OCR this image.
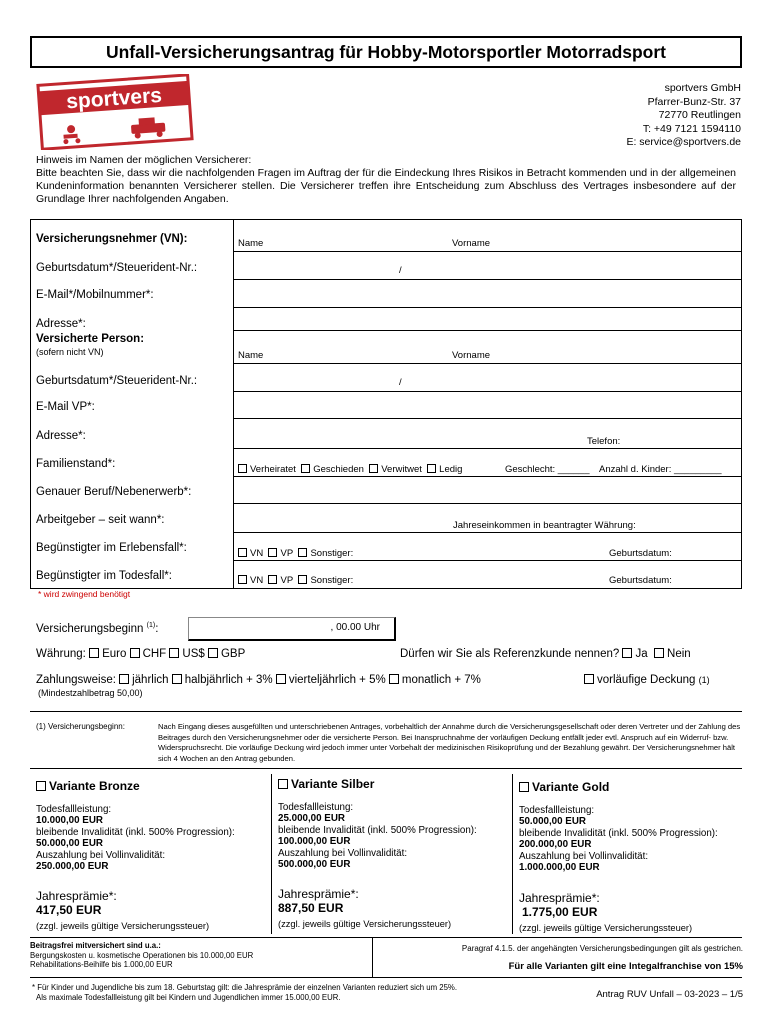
Unfall-Versicherungsantrag für Hobby-Motorsportler Motorradsport
sportvers	sportvers GmbH
Pfarrer-Bunz-Str. 37
72770 Reutlingen
T: +49 7121 1594110
E: service@sportvers.de
Hinweis im Namen der möglichen Versicherer:
Bitte beachten Sie, dass wir die nachfolgenden Fragen im Auftrag der für die Eindeckung Ihres Risikos in Betracht kommenden und in der allgemeinen Kundeninformation benannten Versicherer stellen. Die Versicherer treffen ihre Entscheidung zum Abschluss des Vertrages insbesondere auf der Grundlage Ihrer nachfolgenden Angaben.
Versicherungsnehmer (VN):	Name	Vorname
Geburtsdatum*/Steuerident-Nr.:	/
E-Mail*/Mobilnummer*:
Adresse*:
Versicherte Person:
(sofern nicht VN)	Name	Vorname
Geburtsdatum*/Steuerident-Nr.:	/
E-Mail VP*:
Adresse*:	Telefon:
Familienstand*:	Verheiratet Geschieden Verwitwet Ledig	Geschlecht: ______ Anzahl d. Kinder: _________
Genauer Beruf/Nebenerwerb*:
Arbeitgeber – seit wann*:	Jahreseinkommen in beantragter Währung:
Begünstigter im Erlebensfall*:	VN VP Sonstiger:	Geburtsdatum:
Begünstigter im Todesfall*:	VN VP Sonstiger:	Geburtsdatum:
* wird zwingend benötigt
Versicherungsbeginn $^{(1)}$:	, 00.00 Uhr
Währung: Euro CHF US$ GBP	Dürfen wir Sie als Referenzkunde nennen? Ja Nein
Zahlungsweise: jährlich halbjährlich + 3% vierteljährlich + 5% monatlich + 7%
(Mindestzahlbetrag 50,00)
vorläufige Deckung (1)
(1) Versicherungsbeginn:	Nach Eingang dieses ausgefüllten und unterschriebenen Antrages, vorbehaltlich der Annahme durch die Versicherungsgesellschaft oder deren Vertreter und der Zahlung des Beitrages durch den Versicherungsnehmer oder die versicherte Person. Bei Inanspruchnahme der vorläufigen Deckung entfällt jeder evtl. Anspruch auf ein Widerruf- bzw. Widerspruchsrecht. Die vorläufige Deckung wird jedoch immer unter Vorbehalt der medizinischen Risikoprüfung und der Bezahlung gewährt. Der Versicherungsnehmer hält sich 4 Wochen an den Antrag gebunden.
Variante Bronze
Todesfallleistung:
10.000,00 EUR
bleibende Invalidität (inkl. 500% Progression):
50.000,00 EUR
Auszahlung bei Vollinvalidität:
250.000,00 EUR
Jahresprämie*:
417,50 EUR
(zzgl. jeweils gültige Versicherungssteuer)
Variante Silber
Todesfallleistung:
25.000,00 EUR
bleibende Invalidität (inkl. 500% Progression):
100.000,00 EUR
Auszahlung bei Vollinvalidität:
500.000,00 EUR
Jahresprämie*:
887,50 EUR
(zzgl. jeweils gültige Versicherungssteuer)
Variante Gold
Todesfallleistung:
50.000,00 EUR
bleibende Invalidität (inkl. 500% Progression):
200.000,00 EUR
Auszahlung bei Vollinvalidität:
1.000.000,00 EUR
Jahresprämie*:
1.775,00 EUR
(zzgl. jeweils gültige Versicherungssteuer)
Beitragsfrei mitversichert sind u.a.:
Bergungskosten u. kosmetische Operationen bis 10.000,00 EUR
Rehabilitations-Beihilfe bis 1.000,00 EUR
Paragraf 4.1.5. der angehängten Versicherungsbedingungen gilt als gestrichen.
Für alle Varianten gilt eine Integalfranchise von 15%
* Für Kinder und Jugendliche bis zum 18. Geburtstag gilt: die Jahresprämie der einzelnen Varianten reduziert sich um 25%.
Als maximale Todesfallleistung gilt bei Kindern und Jugendlichen immer 15.000,00 EUR.	Antrag RUV Unfall – 03-2023 – 1/5
